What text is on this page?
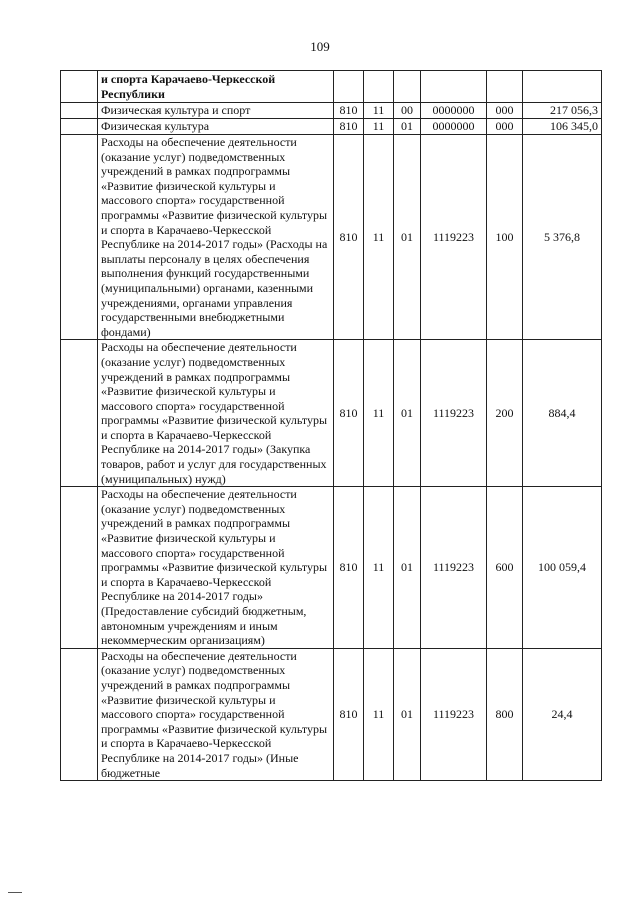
109
	и спорта Карачаево-Черкесской Республики						
	Физическая культура и спорт	810	11	00	0000000	000	217 056,3
	Физическая культура	810	11	01	0000000	000	106 345,0
	Расходы на обеспечение деятельности (оказание услуг) подведомственных учреждений в рамках подпрограммы «Развитие физической культуры и массового спорта» государственной программы «Развитие физической культуры и спорта в Карачаево-Черкесской Республике на 2014-2017 годы» (Расходы на выплаты персоналу в целях обеспечения выполнения функций государственными (муниципальными) органами, казенными учреждениями, органами управления государственными внебюджетными фондами)	810	11	01	1119223	100	5 376,8
	Расходы на обеспечение деятельности (оказание услуг) подведомственных учреждений в рамках подпрограммы «Развитие физической культуры и массового спорта» государственной программы «Развитие физической культуры и спорта в Карачаево-Черкесской Республике на 2014-2017 годы» (Закупка товаров, работ и услуг для государственных (муниципальных) нужд)	810	11	01	1119223	200	884,4
	Расходы на обеспечение деятельности (оказание услуг) подведомственных учреждений в рамках подпрограммы «Развитие физической культуры и массового спорта» государственной программы «Развитие физической культуры и спорта в Карачаево-Черкесской Республике на 2014-2017 годы» (Предоставление субсидий бюджетным, автономным учреждениям и иным некоммерческим организациям)	810	11	01	1119223	600	100 059,4
	Расходы на обеспечение деятельности (оказание услуг) подведомственных учреждений в рамках подпрограммы «Развитие физической культуры и массового спорта» государственной программы «Развитие физической культуры и спорта в Карачаево-Черкесской Республике на 2014-2017 годы» (Иные бюджетные	810	11	01	1119223	800	24,4
